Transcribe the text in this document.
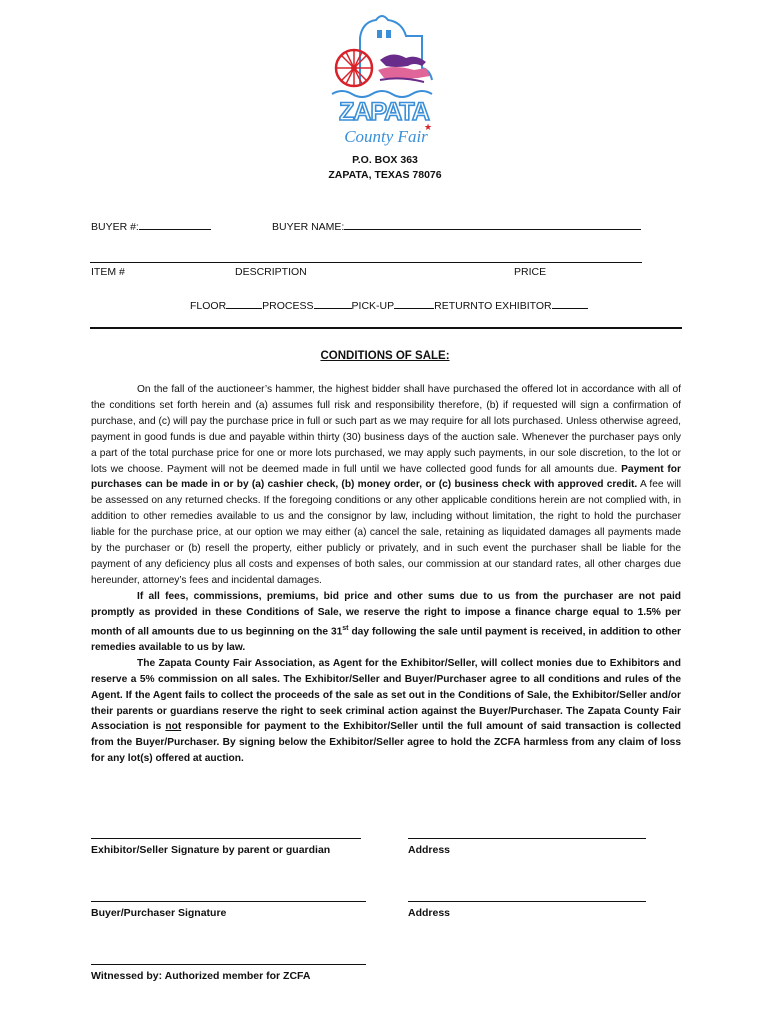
ZAPATA
County Fair
★
P.O. BOX 363
ZAPATA, TEXAS 78076
BUYER #:	BUYER NAME:
ITEM #	DESCRIPTION	PRICE
FLOOR	PROCESS	PICK-UP	RETURNTO EXHIBITOR
CONDITIONS OF SALE:

On the fall of the auctioneer’s hammer, the highest bidder shall have purchased the offered lot in accordance with all of the conditions set forth herein and (a) assumes full risk and responsibility therefore, (b) if requested will sign a confirmation of purchase, and (c) will pay the purchase price in full or such part as we may require for all lots purchased. Unless otherwise agreed, payment in good funds is due and payable within thirty (30) business days of the auction sale. Whenever the purchaser pays only a part of the total purchase price for one or more lots purchased, we may apply such payments, in our sole discretion, to the lot or lots we choose. Payment will not be deemed made in full until we have collected good funds for all amounts due. Payment for purchases can be made in or by (a) cashier check, (b) money order, or (c) business check with approved credit. A fee will be assessed on any returned checks. If the foregoing conditions or any other applicable conditions herein are not complied with, in addition to other remedies available to us and the consignor by law, including without limitation, the right to hold the purchaser liable for the purchase price, at our option we may either (a) cancel the sale, retaining as liquidated damages all payments made by the purchaser or (b) resell the property, either publicly or privately, and in such event the purchaser shall be liable for the payment of any deficiency plus all costs and expenses of both sales, our commission at our standard rates, all other charges due hereunder, attorney’s fees and incidental damages.

If all fees, commissions, premiums, bid price and other sums due to us from the purchaser are not paid promptly as provided in these Conditions of Sale, we reserve the right to impose a finance charge equal to 1.5% per month of all amounts due to us beginning on the 31st day following the sale until payment is received, in addition to other remedies available to us by law.

The Zapata County Fair Association, as Agent for the Exhibitor/Seller, will collect monies due to Exhibitors and reserve a 5% commission on all sales. The Exhibitor/Seller and Buyer/Purchaser agree to all conditions and rules of the Agent. If the Agent fails to collect the proceeds of the sale as set out in the Conditions of Sale, the Exhibitor/Seller and/or their parents or guardians reserve the right to seek criminal action against the Buyer/Purchaser. The Zapata County Fair Association is not responsible for payment to the Exhibitor/Seller until the full amount of said transaction is collected from the Buyer/Purchaser. By signing below the Exhibitor/Seller agree to hold the ZCFA harmless from any claim of loss for any lot(s) offered at auction.

Exhibitor/Seller Signature by parent or guardian	Address
Buyer/Purchaser Signature	Address
Witnessed by: Authorized member for ZCFA
